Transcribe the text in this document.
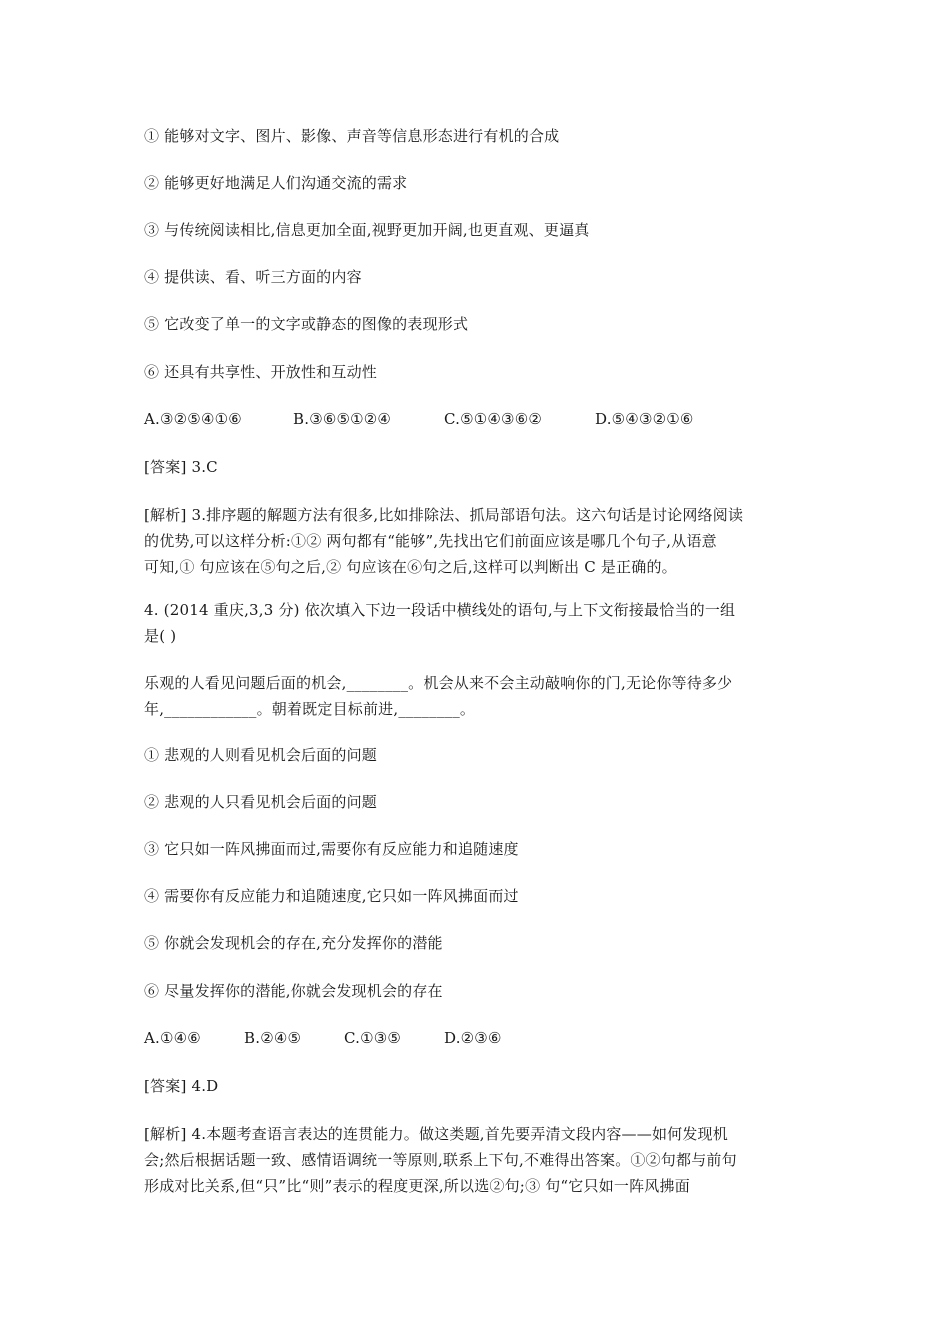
① 能够对文字、图片、影像、声音等信息形态进行有机的合成
② 能够更好地满足人们沟通交流的需求
③ 与传统阅读相比,信息更加全面,视野更加开阔,也更直观、更逼真
④ 提供读、看、听三方面的内容
⑤ 它改变了单一的文字或静态的图像的表现形式
⑥ 还具有共享性、开放性和互动性
A.③②⑤④①⑥	B.③⑥⑤①②④	C.⑤①④③⑥②	D.⑤④③②①⑥
[答案] 3.C
[解析] 3.排序题的解题方法有很多,比如排除法、抓局部语句法。这六句话是讨论网络阅读
的优势,可以这样分析:①② 两句都有“能够”,先找出它们前面应该是哪几个句子,从语意
可知,① 句应该在⑤句之后,② 句应该在⑥句之后,这样可以判断出 C 是正确的。
4. (2014 重庆,3,3 分) 依次填入下边一段话中横线处的语句,与上下文衔接最恰当的一组
是( )
乐观的人看见问题后面的机会,________。机会从来不会主动敲响你的门,无论你等待多少
年,____________。朝着既定目标前进,________。
① 悲观的人则看见机会后面的问题
② 悲观的人只看见机会后面的问题
③ 它只如一阵风拂面而过,需要你有反应能力和追随速度
④ 需要你有反应能力和追随速度,它只如一阵风拂面而过
⑤ 你就会发现机会的存在,充分发挥你的潜能
⑥ 尽量发挥你的潜能,你就会发现机会的存在
A.①④⑥	B.②④⑤	C.①③⑤	D.②③⑥
[答案] 4.D
[解析] 4.本题考查语言表达的连贯能力。做这类题,首先要弄清文段内容——如何发现机
会;然后根据话题一致、感情语调统一等原则,联系上下句,不难得出答案。①②句都与前句
形成对比关系,但“只”比“则”表示的程度更深,所以选②句;③ 句“它只如一阵风拂面
